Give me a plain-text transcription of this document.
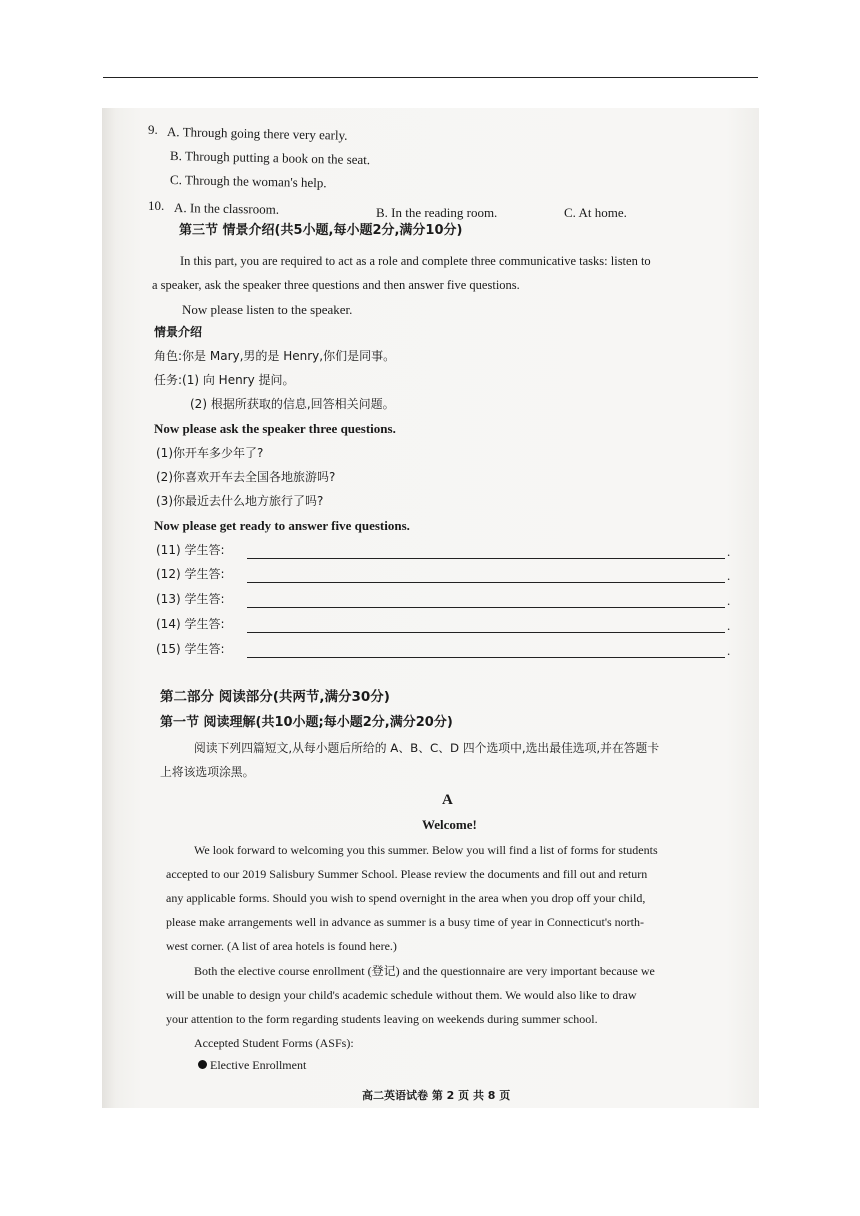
9. A. Through going there very early.
B. Through putting a book on the seat.
C. Through the woman's help.
10. A. In the classroom.	B. In the reading room.	C. At home.
第三节 情景介绍(共5小题,每小题2分,满分10分)
In this part, you are required to act as a role and complete three communicative tasks: listen to
a speaker, ask the speaker three questions and then answer five questions.
Now please listen to the speaker.
情景介绍
角色:你是 Mary,男的是 Henry,你们是同事。
任务:(1) 向 Henry 提问。
(2) 根据所获取的信息,回答相关问题。
Now please ask the speaker three questions.
(1)你开车多少年了?
(2)你喜欢开车去全国各地旅游吗?
(3)你最近去什么地方旅行了吗?
Now please get ready to answer five questions.
(11) 学生答:	.
(12) 学生答:	.
(13) 学生答:	.
(14) 学生答:	.
(15) 学生答:	.
第二部分 阅读部分(共两节,满分30分)
第一节 阅读理解(共10小题;每小题2分,满分20分)
阅读下列四篇短文,从每小题后所给的 A、B、C、D 四个选项中,选出最佳选项,并在答题卡
上将该选项涂黑。
A
Welcome!
We look forward to welcoming you this summer. Below you will find a list of forms for students
accepted to our 2019 Salisbury Summer School. Please review the documents and fill out and return
any applicable forms. Should you wish to spend overnight in the area when you drop off your child,
please make arrangements well in advance as summer is a busy time of year in Connecticut's north-
west corner. (A list of area hotels is found here.)
Both the elective course enrollment (登记) and the questionnaire are very important because we
will be unable to design your child's academic schedule without them. We would also like to draw
your attention to the form regarding students leaving on weekends during summer school.
Accepted Student Forms (ASFs):
Elective Enrollment
高二英语试卷 第 2 页 共 8 页
